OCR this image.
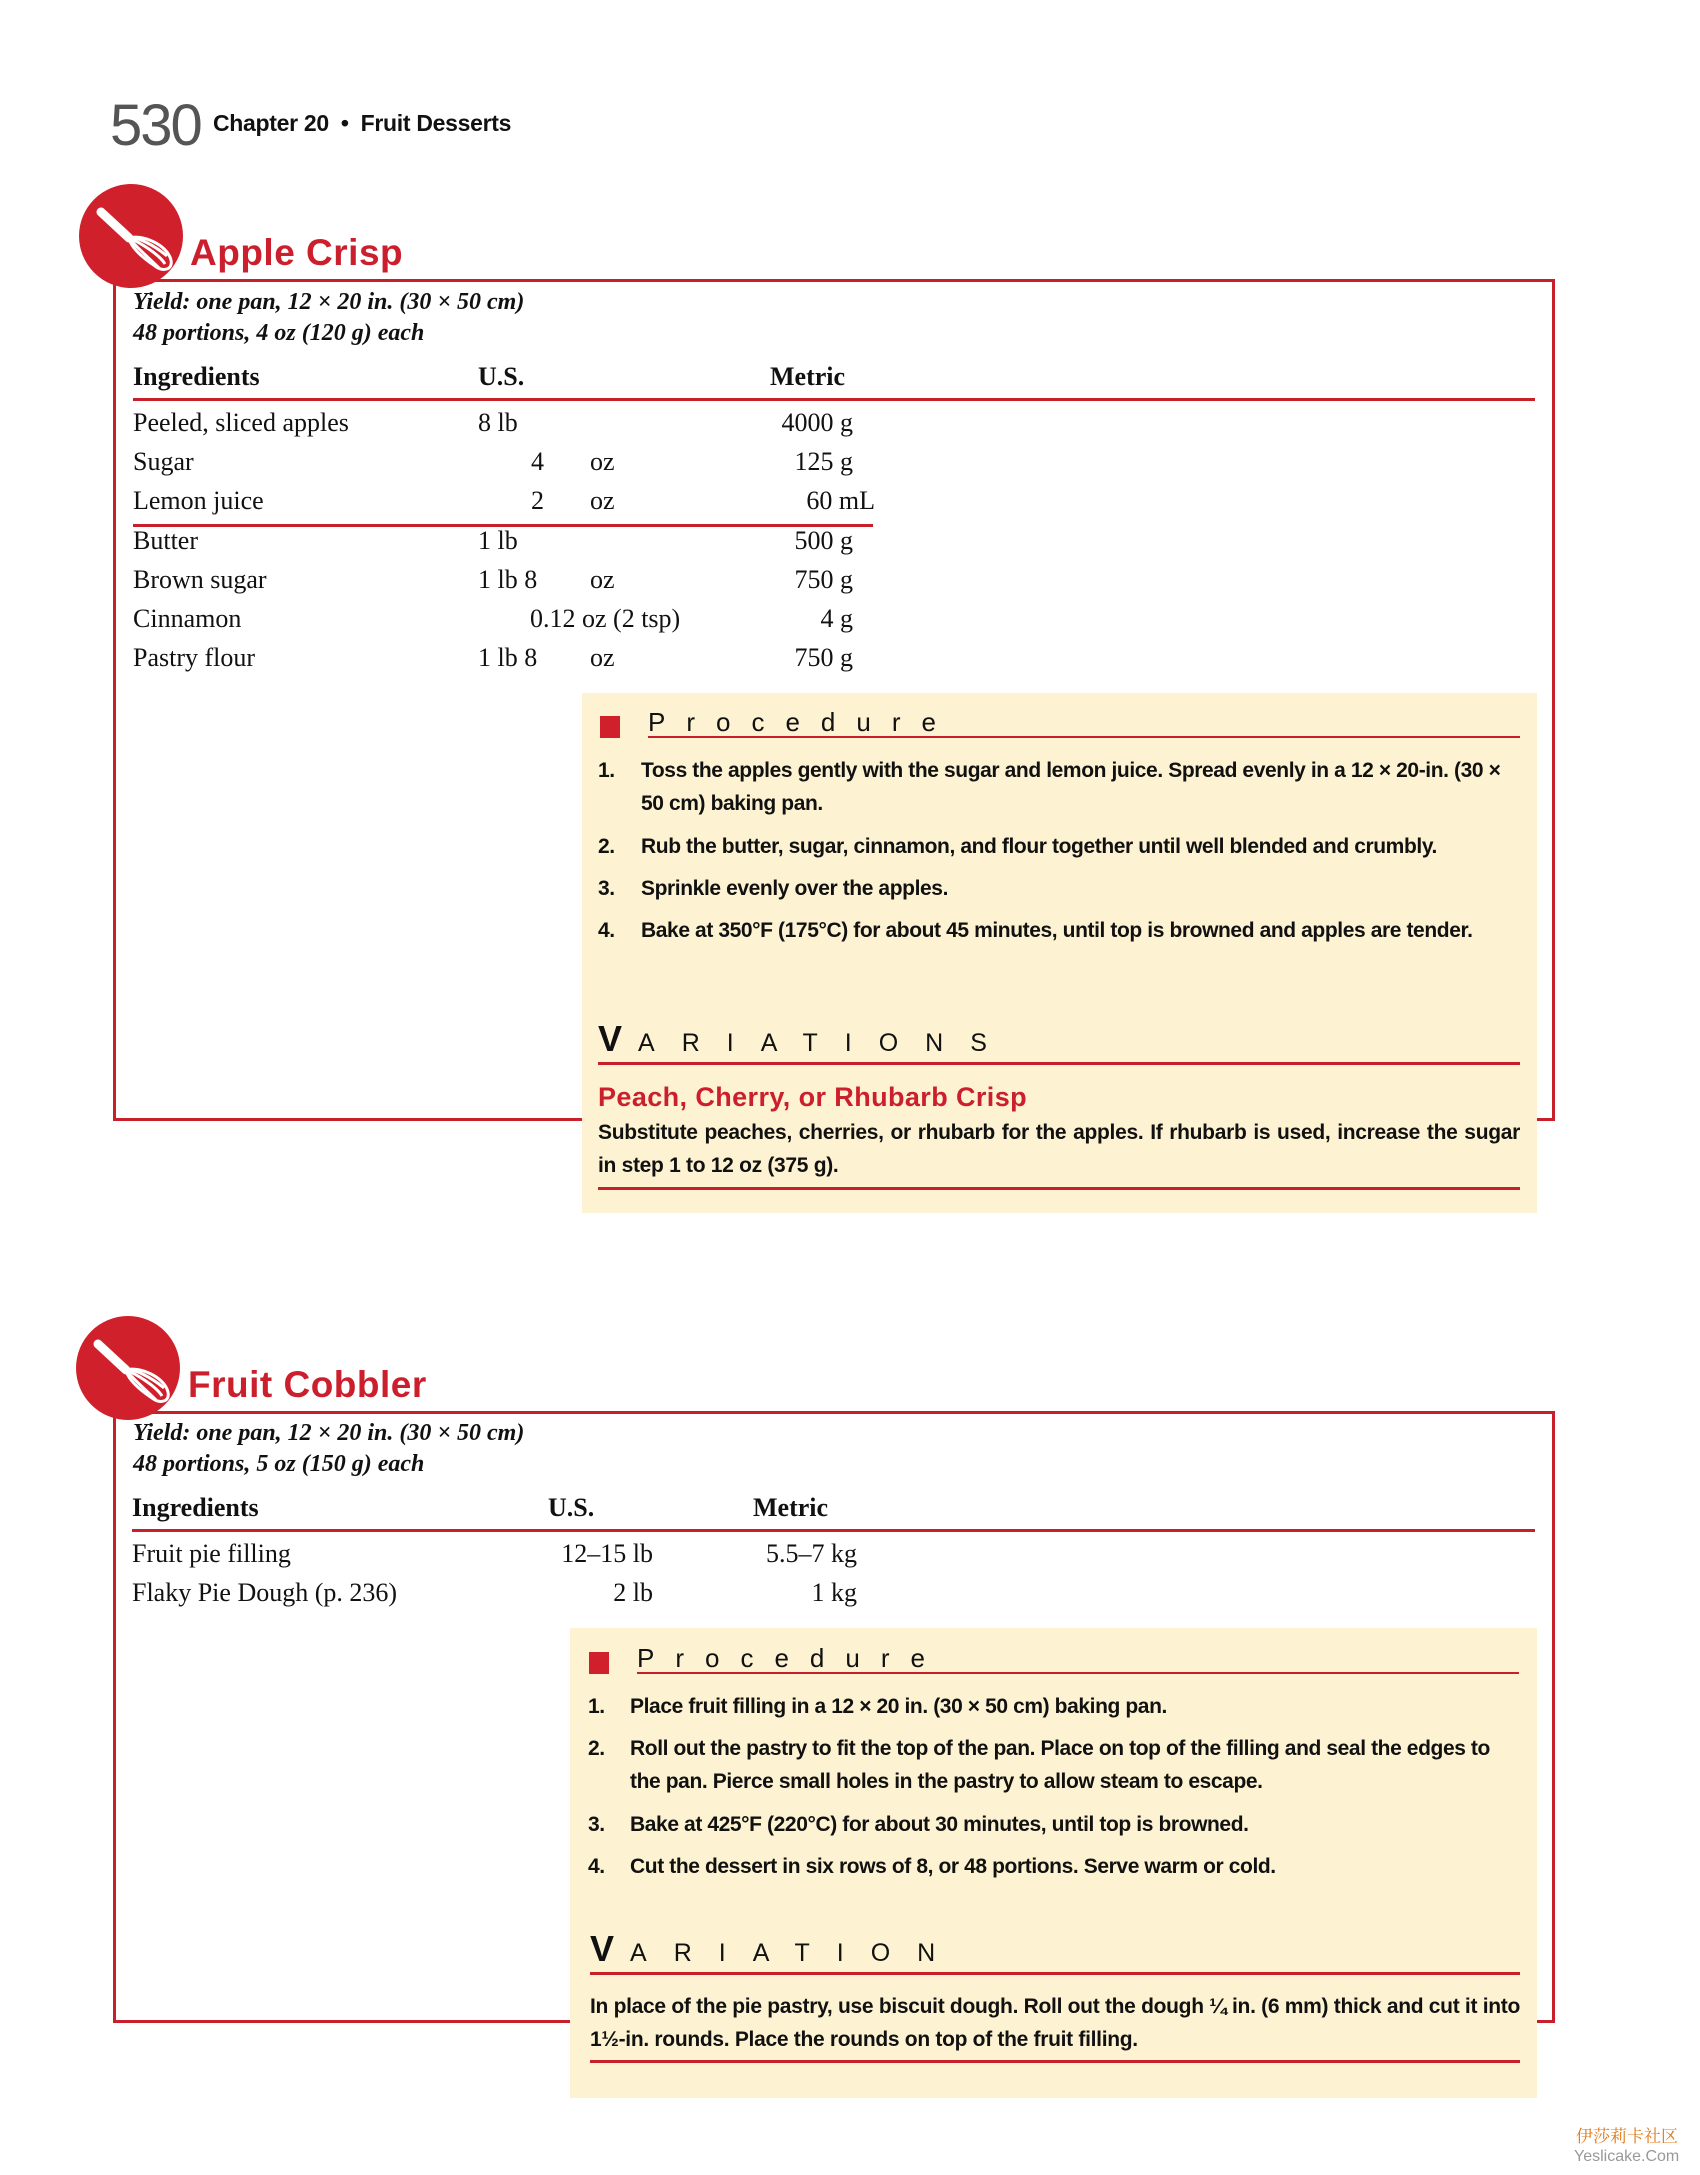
530 Chapter 20 • Fruit Desserts
Apple Crisp
Yield: one pan, 12 × 20 in. (30 × 50 cm)
48 portions, 4 oz (120 g) each
Ingredients	U.S.	Metric
Peeled, sliced apples	8 lb	4000 g
Sugar	4 oz	125 g
Lemon juice	2 oz	60 mL
Butter	1 lb	500 g
Brown sugar	1 lb 8 oz	750 g
Cinnamon	0.12 oz (2 tsp)	4 g
Pastry flour	1 lb 8 oz	750 g
Procedure
1. Toss the apples gently with the sugar and lemon juice. Spread evenly in a 12 × 20-in. (30 × 50 cm) baking pan.
2. Rub the butter, sugar, cinnamon, and flour together until well blended and crumbly.
3. Sprinkle evenly over the apples.
4. Bake at 350°F (175°C) for about 45 minutes, until top is browned and apples are tender.
V ARIATIONS
Peach, Cherry, or Rhubarb Crisp
Substitute peaches, cherries, or rhubarb for the apples. If rhubarb is used, increase the sugar in step 1 to 12 oz (375 g).
Fruit Cobbler
Yield: one pan, 12 × 20 in. (30 × 50 cm)
48 portions, 5 oz (150 g) each
Ingredients	U.S.	Metric
Fruit pie filling	12–15 lb	5.5–7 kg
Flaky Pie Dough (p. 236)	2 lb	1 kg
Procedure
1. Place fruit filling in a 12 × 20 in. (30 × 50 cm) baking pan.
2. Roll out the pastry to fit the top of the pan. Place on top of the filling and seal the edges to the pan. Pierce small holes in the pastry to allow steam to escape.
3. Bake at 425°F (220°C) for about 30 minutes, until top is browned.
4. Cut the dessert in six rows of 8, or 48 portions. Serve warm or cold.
V ARIATION
In place of the pie pastry, use biscuit dough. Roll out the dough ¼ in. (6 mm) thick and cut it into 1½-in. rounds. Place the rounds on top of the fruit filling.
伊莎莉卡社区
Yeslicake.Com
